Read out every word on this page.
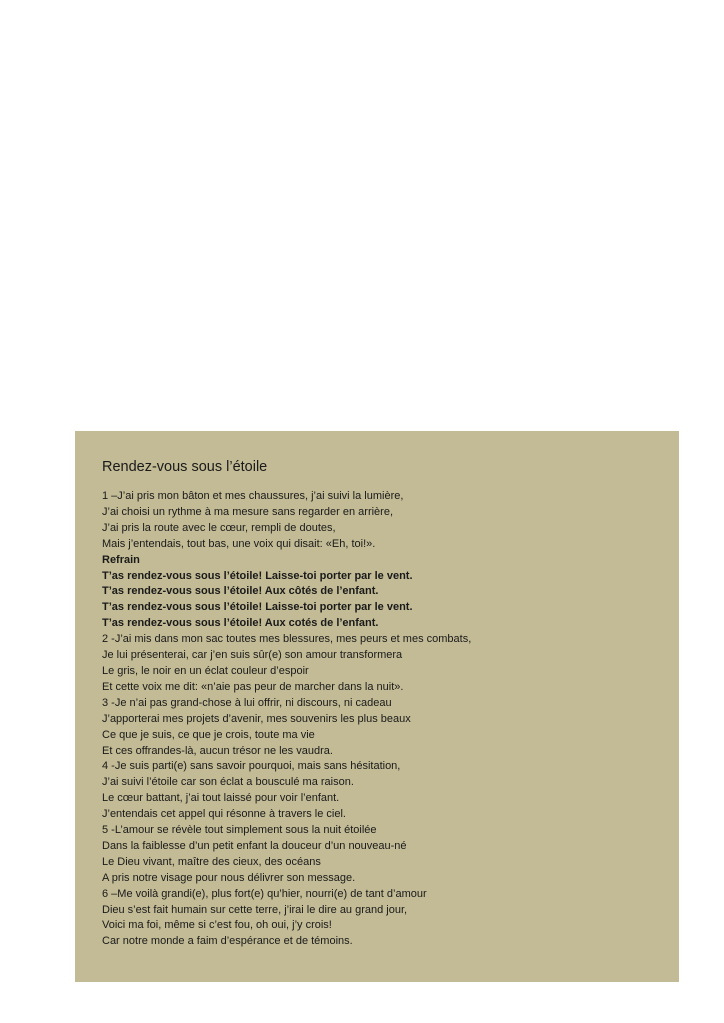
Rendez-vous sous l’étoile
1 –J’ai pris mon bâton et mes chaussures, j’ai suivi la lumière,
J’ai choisi un rythme à ma mesure sans regarder en arrière,
J’ai pris la route avec le cœur, rempli de doutes,
Mais j’entendais, tout bas, une voix qui disait: «Eh, toi!».
Refrain
T’as rendez-vous sous l’étoile! Laisse-toi porter par le vent.
T’as rendez-vous sous l’étoile! Aux côtés de l’enfant.
T’as rendez-vous sous l’étoile! Laisse-toi porter par le vent.
T’as rendez-vous sous l’étoile! Aux cotés de l’enfant.
2 -J’ai mis dans mon sac toutes mes blessures, mes peurs et mes combats,
Je lui présenterai, car j’en suis sûr(e) son amour transformera
Le gris, le noir en un éclat couleur d’espoir
Et cette voix me dit: «n’aie pas peur de marcher dans la nuit».
3 -Je n’ai pas grand-chose à lui offrir, ni discours, ni cadeau
J’apporterai mes projets d’avenir, mes souvenirs les plus beaux
Ce que je suis, ce que je crois, toute ma vie
Et ces offrandes-là, aucun trésor ne les vaudra.
4 -Je suis parti(e) sans savoir pourquoi, mais sans hésitation,
J’ai suivi l’étoile car son éclat a bousculé ma raison.
Le cœur battant, j’ai tout laissé pour voir l’enfant.
J’entendais cet appel qui résonne à travers le ciel.
5 -L’amour se révèle tout simplement sous la nuit étoilée
Dans la faiblesse d’un petit enfant la douceur d’un nouveau-né
Le Dieu vivant, maître des cieux, des océans
A pris notre visage pour nous délivrer son message.
6 –Me voilà grandi(e), plus fort(e) qu’hier, nourri(e) de tant d’amour
Dieu s’est fait humain sur cette terre, j’irai le dire au grand jour,
Voici ma foi, même si c’est fou, oh oui, j’y crois!
Car notre monde a faim d’espérance et de témoins.
